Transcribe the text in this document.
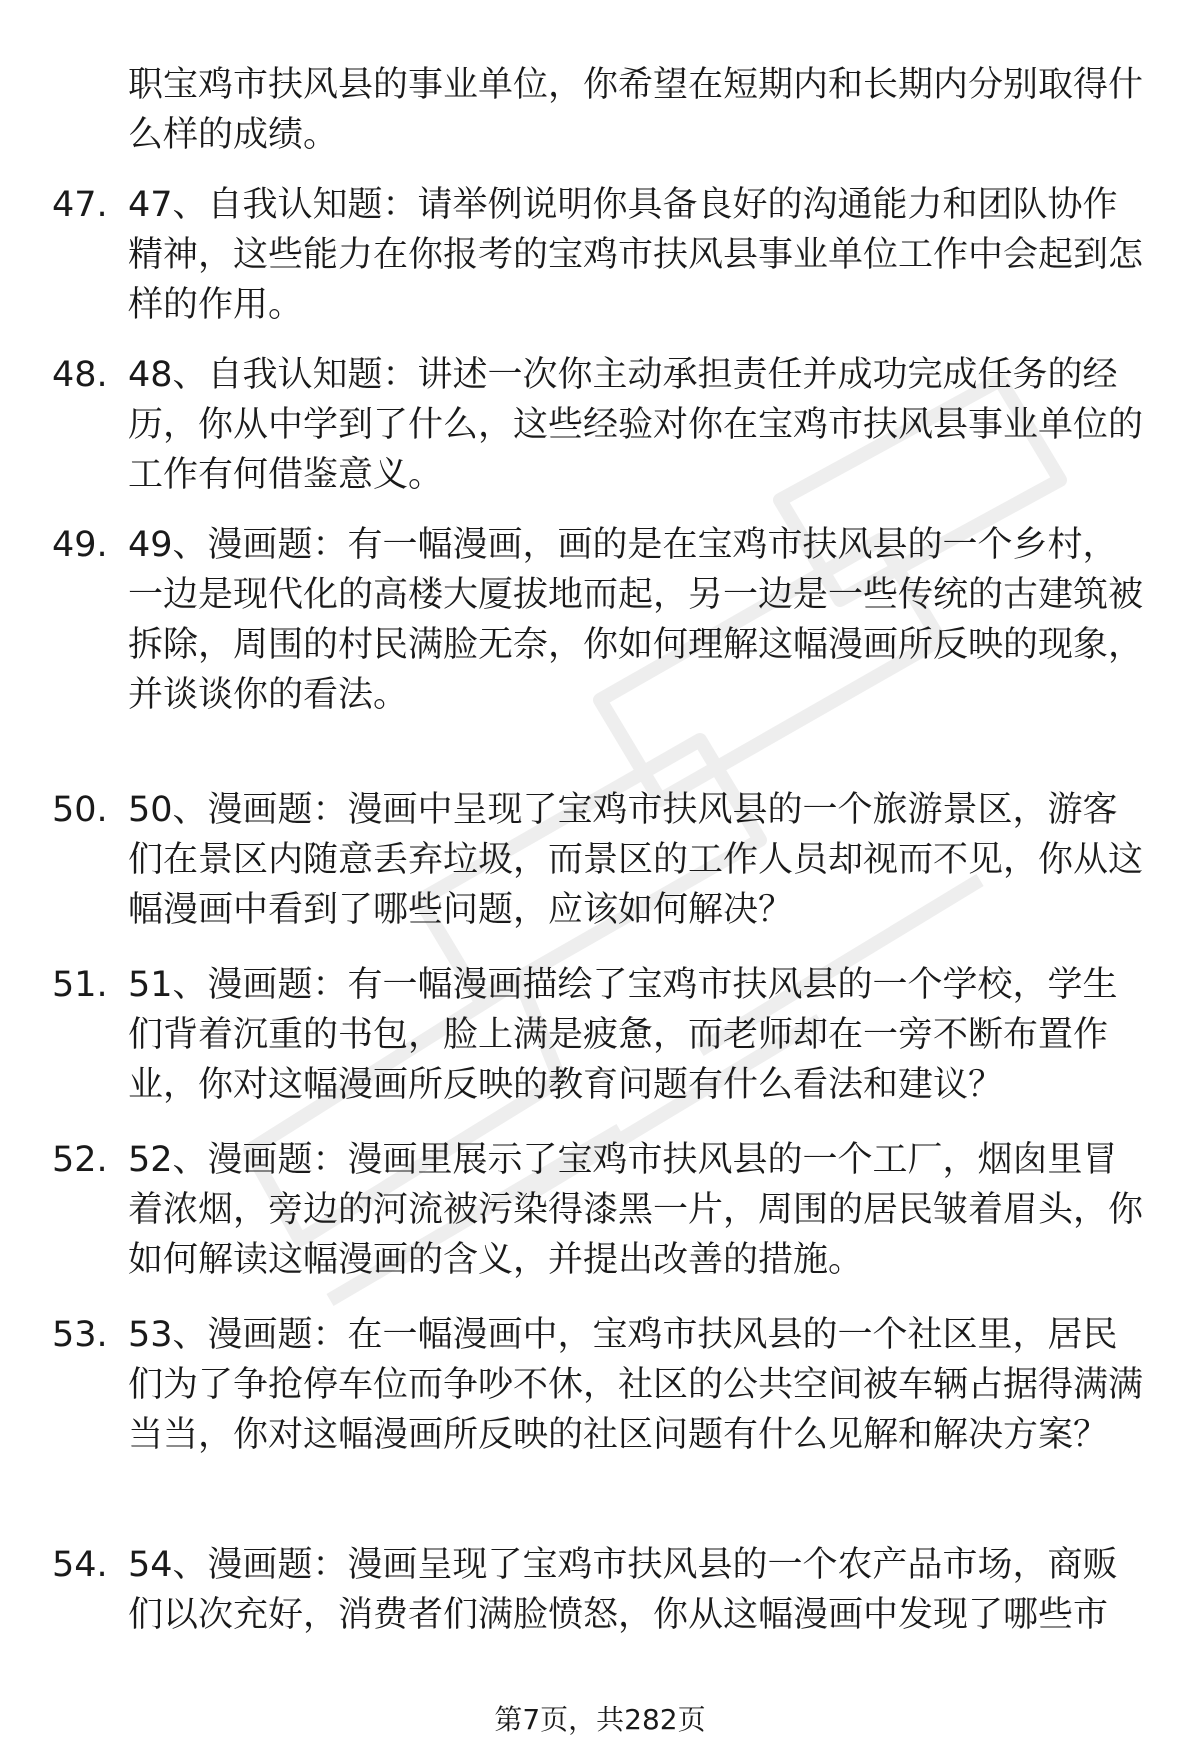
职宝鸡市扶风县的事业单位，你希望在短期内和长期内分别取得什么样的成绩。
47. 47、自我认知题：请举例说明你具备良好的沟通能力和团队协作精神，这些能力在你报考的宝鸡市扶风县事业单位工作中会起到怎样的作用。
48. 48、自我认知题：讲述一次你主动承担责任并成功完成任务的经历，你从中学到了什么，这些经验对你在宝鸡市扶风县事业单位的工作有何借鉴意义。
49. 49、漫画题：有一幅漫画，画的是在宝鸡市扶风县的一个乡村，一边是现代化的高楼大厦拔地而起，另一边是一些传统的古建筑被拆除，周围的村民满脸无奈，你如何理解这幅漫画所反映的现象，并谈谈你的看法。
50. 50、漫画题：漫画中呈现了宝鸡市扶风县的一个旅游景区，游客们在景区内随意丢弃垃圾，而景区的工作人员却视而不见，你从这幅漫画中看到了哪些问题，应该如何解决？
51. 51、漫画题：有一幅漫画描绘了宝鸡市扶风县的一个学校，学生们背着沉重的书包，脸上满是疲惫，而老师却在一旁不断布置作业，你对这幅漫画所反映的教育问题有什么看法和建议？
52. 52、漫画题：漫画里展示了宝鸡市扶风县的一个工厂，烟囱里冒着浓烟，旁边的河流被污染得漆黑一片，周围的居民皱着眉头，你如何解读这幅漫画的含义，并提出改善的措施。
53. 53、漫画题：在一幅漫画中，宝鸡市扶风县的一个社区里，居民们为了争抢停车位而争吵不休，社区的公共空间被车辆占据得满满当当，你对这幅漫画所反映的社区问题有什么见解和解决方案？
54. 54、漫画题：漫画呈现了宝鸡市扶风县的一个农产品市场，商贩们以次充好，消费者们满脸愤怒，你从这幅漫画中发现了哪些市
第7页，共282页
